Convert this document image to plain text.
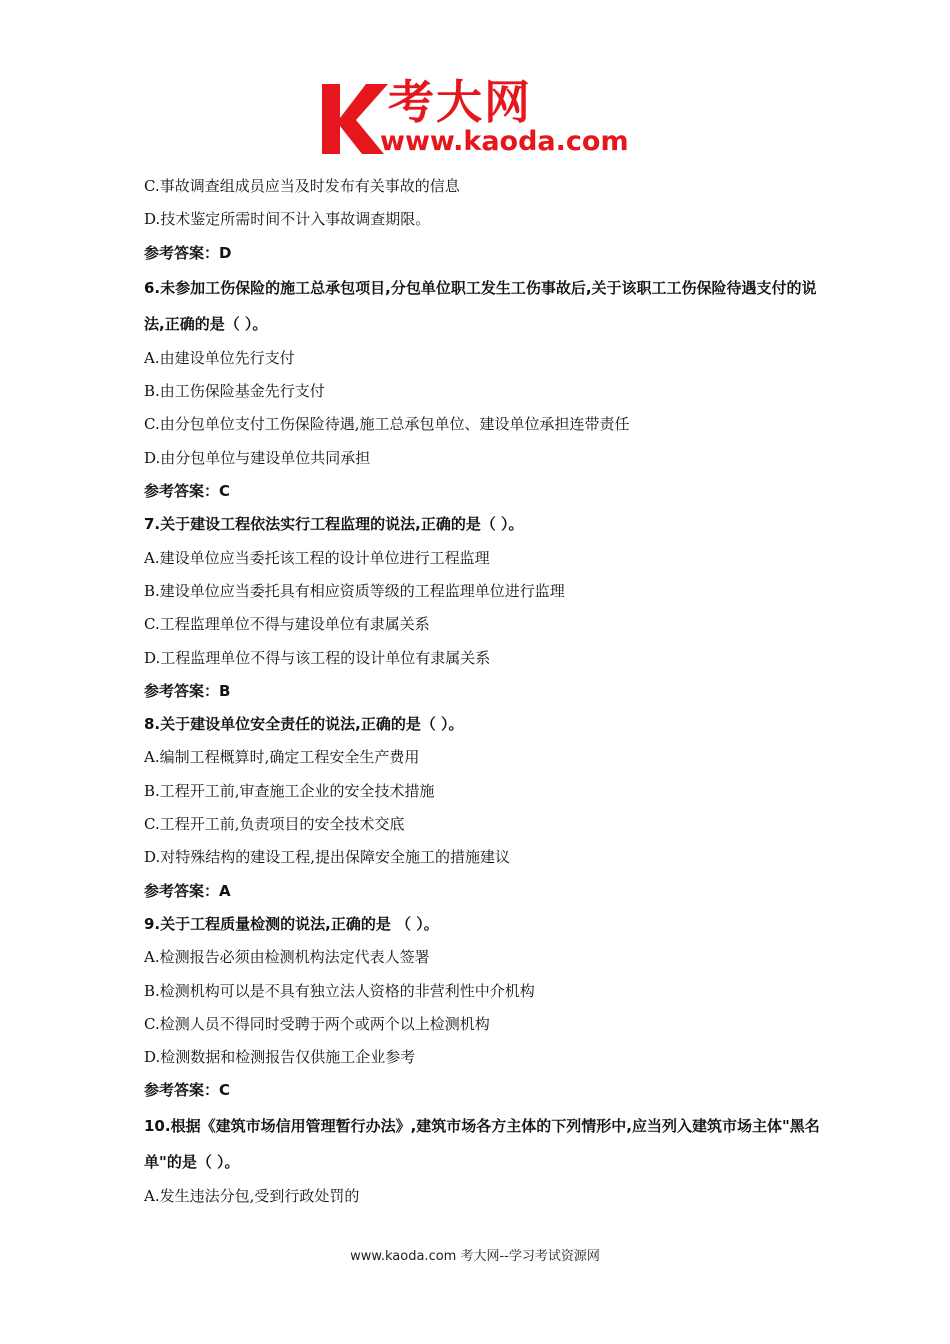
考大网
www.kaoda.com
C.事故调查组成员应当及时发布有关事故的信息
D.技术鉴定所需时间不计入事故调查期限。
参考答案：D
6.未参加工伤保险的施工总承包项目,分包单位职工发生工伤事故后,关于该职工工伤保险待遇支付的说法,正确的是（ ）。
A.由建设单位先行支付
B.由工伤保险基金先行支付
C.由分包单位支付工伤保险待遇,施工总承包单位、建设单位承担连带责任
D.由分包单位与建设单位共同承担
参考答案：C
7.关于建设工程依法实行工程监理的说法,正确的是（ ）。
A.建设单位应当委托该工程的设计单位进行工程监理
B.建设单位应当委托具有相应资质等级的工程监理单位进行监理
C.工程监理单位不得与建设单位有隶属关系
D.工程监理单位不得与该工程的设计单位有隶属关系
参考答案：B
8.关于建设单位安全责任的说法,正确的是（ ）。
A.编制工程概算时,确定工程安全生产费用
B.工程开工前,审查施工企业的安全技术措施
C.工程开工前,负责项目的安全技术交底
D.对特殊结构的建设工程,提出保障安全施工的措施建议
参考答案：A
9.关于工程质量检测的说法,正确的是 （ ）。
A.检测报告必须由检测机构法定代表人签署
B.检测机构可以是不具有独立法人资格的非营利性中介机构
C.检测人员不得同时受聘于两个或两个以上检测机构
D.检测数据和检测报告仅供施工企业参考
参考答案：C
10.根据《建筑市场信用管理暂行办法》,建筑市场各方主体的下列情形中,应当列入建筑市场主体"黑名单"的是（ ）。
A.发生违法分包,受到行政处罚的
www.kaoda.com 考大网--学习考试资源网
